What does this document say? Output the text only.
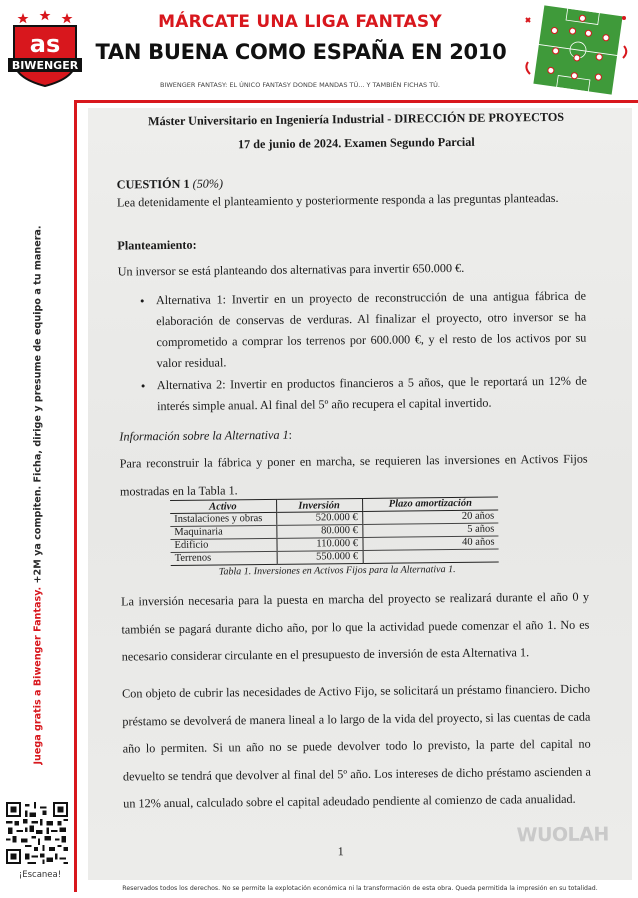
as
BIWENGER
MÁRCATE UNA LIGA FANTASY
TAN BUENA COMO ESPAÑA EN 2010
BIWENGER FANTASY: EL ÚNICO FANTASY DONDE MANDAS TÚ... Y TAMBIÉN FICHAS TÚ.
Juega gratis a Biwenger Fantasy. +2M ya compiten. Ficha, dirige y presume de equipo a tu manera.
¡Escanea!
Máster Universitario en Ingeniería Industrial - DIRECCIÓN DE PROYECTOS
17 de junio de 2024. Examen Segundo Parcial
CUESTIÓN 1 (50%)
Lea detenidamente el planteamiento y posteriormente responda a las preguntas planteadas.
Planteamiento:
Un inversor se está planteando dos alternativas para invertir 650.000 €.
• Alternativa 1: Invertir en un proyecto de reconstrucción de una antigua fábrica de elaboración de conservas de verduras. Al finalizar el proyecto, otro inversor se ha comprometido a comprar los terrenos por 600.000 €, y el resto de los activos por su valor residual.
• Alternativa 2: Invertir en productos financieros a 5 años, que le reportará un 12% de interés simple anual. Al final del 5º año recupera el capital invertido.
Información sobre la Alternativa 1:
Para reconstruir la fábrica y poner en marcha, se requieren las inversiones en Activos Fijos mostradas en la Tabla 1.
Activo	Inversión	Plazo amortización
Instalaciones y obras	520.000 €	20 años
Maquinaria	80.000 €	5 años
Edificio	110.000 €	40 años
Terrenos	550.000 €	
Tabla 1. Inversiones en Activos Fijos para la Alternativa 1.
La inversión necesaria para la puesta en marcha del proyecto se realizará durante el año 0 y también se pagará durante dicho año, por lo que la actividad puede comenzar el año 1. No es necesario considerar circulante en el presupuesto de inversión de esta Alternativa 1.
Con objeto de cubrir las necesidades de Activo Fijo, se solicitará un préstamo financiero. Dicho préstamo se devolverá de manera lineal a lo largo de la vida del proyecto, si las cuentas de cada año lo permiten. Si un año no se puede devolver todo lo previsto, la parte del capital no devuelto se tendrá que devolver al final del 5º año. Los intereses de dicho préstamo ascienden a un 12% anual, calculado sobre el capital adeudado pendiente al comienzo de cada anualidad.
1
WUOLAH
Reservados todos los derechos. No se permite la explotación económica ni la transformación de esta obra. Queda permitida la impresión en su totalidad.
